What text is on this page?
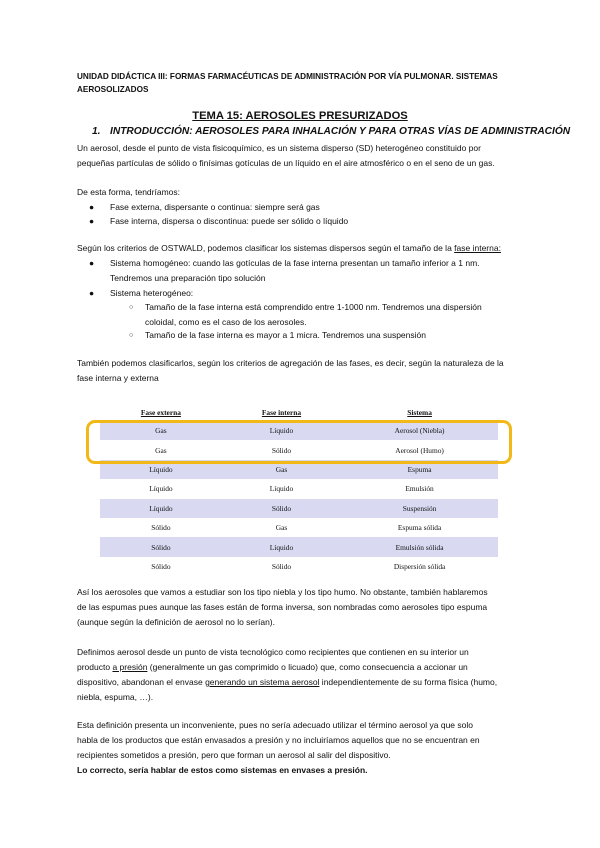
UNIDAD DIDÁCTICA III: FORMAS FARMACÉUTICAS DE ADMINISTRACIÓN POR VÍA PULMONAR. SISTEMAS
AEROSOLIZADOS
TEMA 15: AEROSOLES PRESURIZADOS
1. INTRODUCCIÓN: AEROSOLES PARA INHALACIÓN Y PARA OTRAS VÍAS DE ADMINISTRACIÓN
Un aerosol, desde el punto de vista fisicoquímico, es un sistema disperso (SD) heterogéneo constituido por
pequeñas partículas de sólido o finísimas gotículas de un líquido en el aire atmosférico o en el seno de un gas.
De esta forma, tendríamos:
● Fase externa, dispersante o continua: siempre será gas
● Fase interna, dispersa o discontinua: puede ser sólido o líquido
Según los criterios de OSTWALD, podemos clasificar los sistemas dispersos según el tamaño de la fase interna:
● Sistema homogéneo: cuando las gotículas de la fase interna presentan un tamaño inferior a 1 nm.
Tendremos una preparación tipo solución
● Sistema heterogéneo:
○ Tamaño de la fase interna está comprendido entre 1-1000 nm. Tendremos una dispersión
coloidal, como es el caso de los aerosoles.
○ Tamaño de la fase interna es mayor a 1 micra. Tendremos una suspensión
También podemos clasificarlos, según los criterios de agregación de las fases, es decir, según la naturaleza de la
fase interna y externa
Fase externa	Fase interna	Sistema
Gas	Líquido	Aerosol (Niebla)
Gas	Sólido	Aerosol (Humo)
Líquido	Gas	Espuma
Líquido	Líquido	Emulsión
Líquido	Sólido	Suspensión
Sólido	Gas	Espuma sólida
Sólido	Líquido	Emulsión sólida
Sólido	Sólido	Dispersión sólida
Así los aerosoles que vamos a estudiar son los tipo niebla y los tipo humo. No obstante, también hablaremos
de las espumas pues aunque las fases están de forma inversa, son nombradas como aerosoles tipo espuma
(aunque según la definición de aerosol no lo serían).
Definimos aerosol desde un punto de vista tecnológico como recipientes que contienen en su interior un
producto a presión (generalmente un gas comprimido o licuado) que, como consecuencia a accionar un
dispositivo, abandonan el envase generando un sistema aerosol independientemente de su forma física (humo,
niebla, espuma, …).
Esta definición presenta un inconveniente, pues no sería adecuado utilizar el término aerosol ya que solo
habla de los productos que están envasados a presión y no incluiríamos aquellos que no se encuentran en
recipientes sometidos a presión, pero que forman un aerosol al salir del dispositivo.
Lo correcto, sería hablar de estos como sistemas en envases a presión.
